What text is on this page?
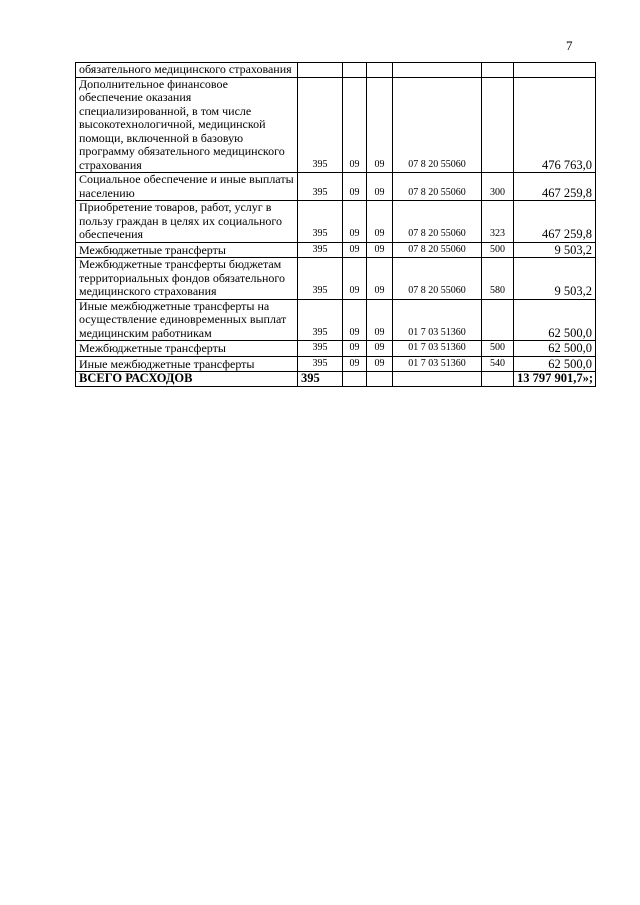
7
обязательного медицинского страхования						
Дополнительное финансовое обеспечение оказания специализированной, в том числе высокотехнологичной, медицинской помощи, включенной в базовую программу обязательного медицинского страхования	395	09	09	07 8 20 55060		476 763,0
Социальное обеспечение и иные выплаты населению	395	09	09	07 8 20 55060	300	467 259,8
Приобретение товаров, работ, услуг в пользу граждан в целях их социального обеспечения	395	09	09	07 8 20 55060	323	467 259,8
Межбюджетные трансферты	395	09	09	07 8 20 55060	500	9 503,2
Межбюджетные трансферты бюджетам территориальных фондов обязательного медицинского страхования	395	09	09	07 8 20 55060	580	9 503,2
Иные межбюджетные трансферты на осуществление единовременных выплат медицинским работникам	395	09	09	01 7 03 51360		62 500,0
Межбюджетные трансферты	395	09	09	01 7 03 51360	500	62 500,0
Иные межбюджетные трансферты	395	09	09	01 7 03 51360	540	62 500,0
ВСЕГО РАСХОДОВ	395					13 797 901,7»;
